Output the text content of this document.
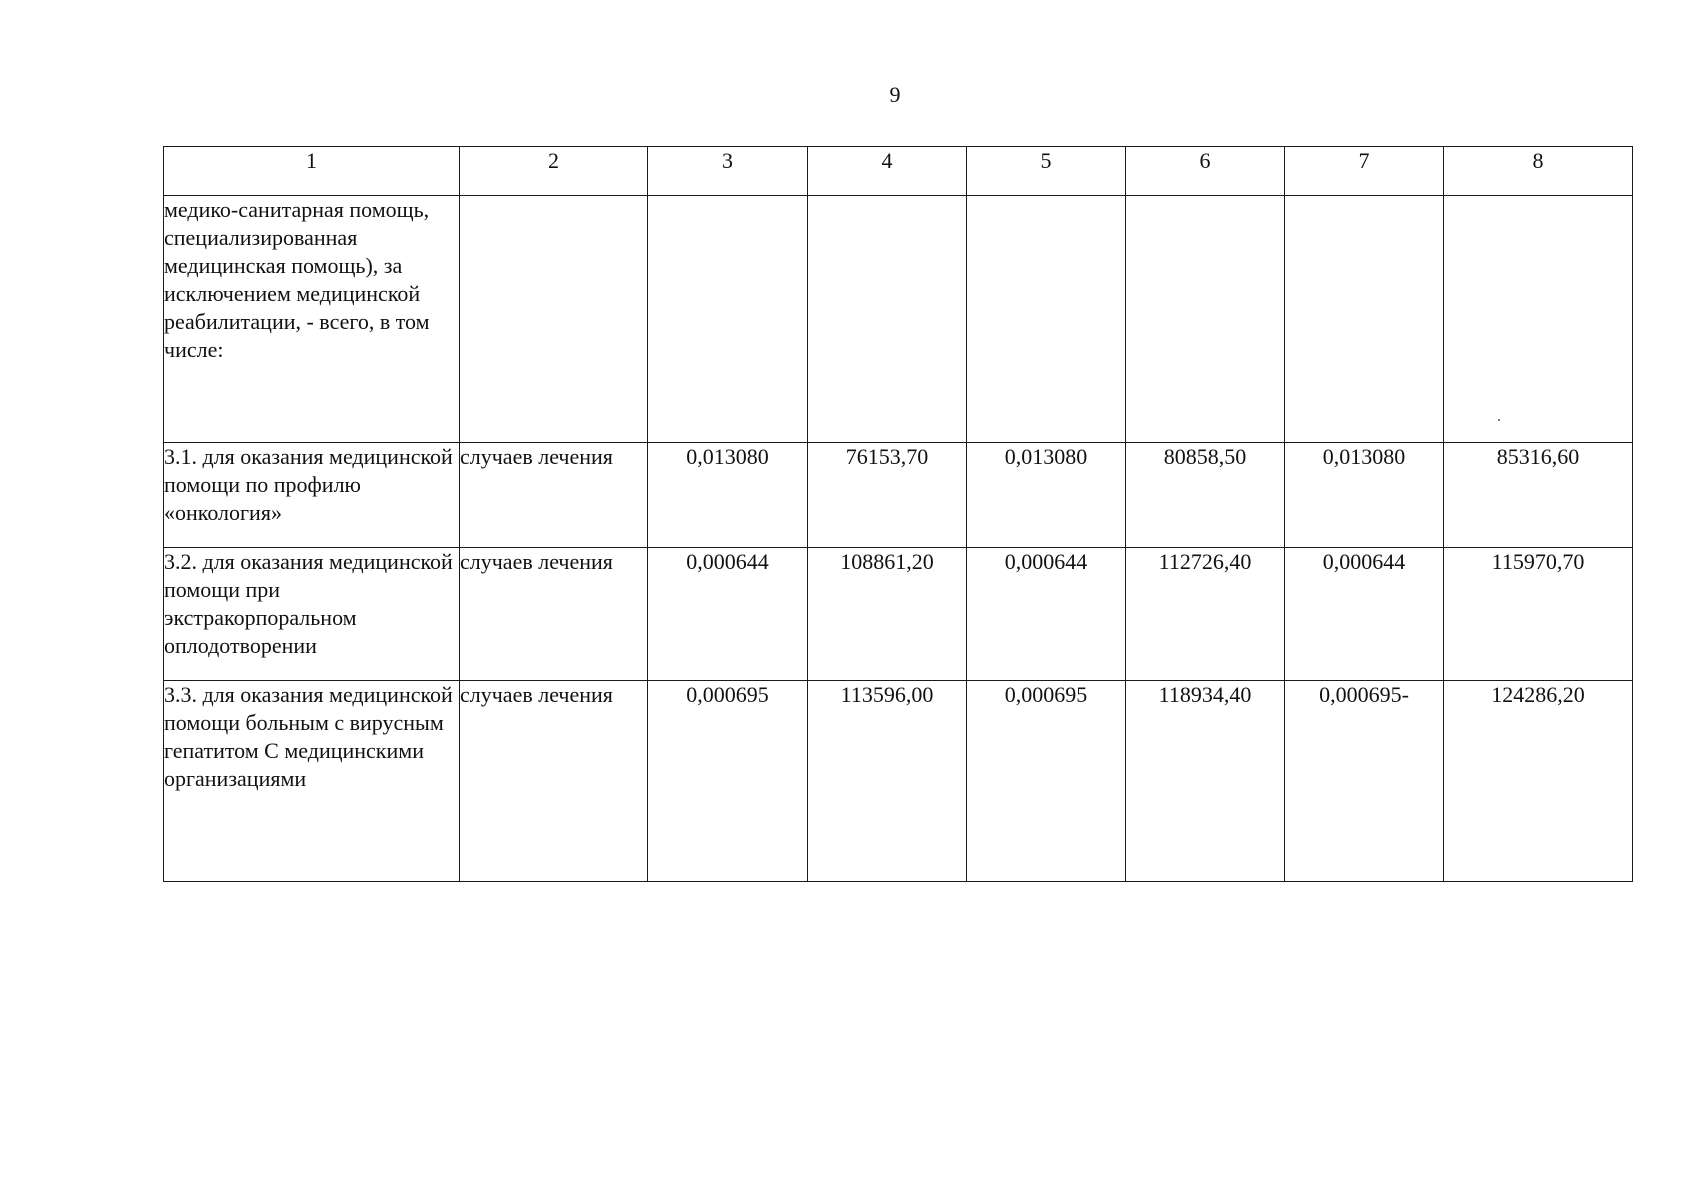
9
1	2	3	4	5	6	7	8
медико-санитарная помощь, специализированная медицинская помощь), за исключением медицинской реабилитации, - всего, в том числе:							
3.1. для оказания медицинской помощи по профилю «онкология»	случаев лечения	0,013080	76153,70	0,013080	80858,50	0,013080	85316,60
3.2. для оказания медицинской помощи при экстракорпоральном оплодотворении	случаев лечения	0,000644	108861,20	0,000644	112726,40	0,000644	115970,70
3.3. для оказания медицинской помощи больным с вирусным гепатитом С медицинскими организациями	случаев лечения	0,000695	113596,00	0,000695	118934,40	0,000695-	124286,20
